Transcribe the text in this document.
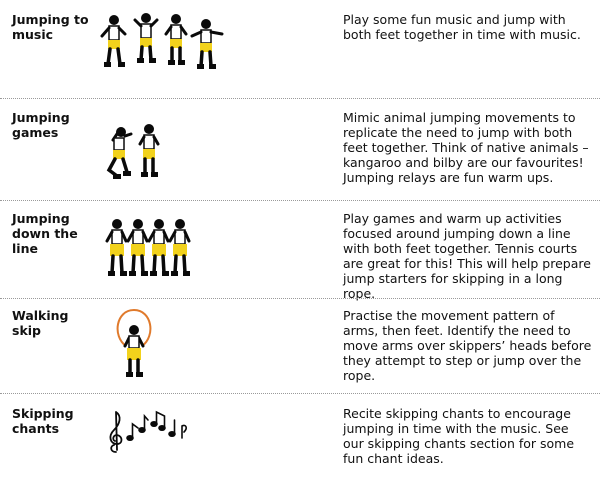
Jumping to music
Play some fun music and jump with both feet together in time with music.
Jumping games
Mimic animal jumping movements to replicate the need to jump with both feet together. Think of native animals – kangaroo and bilby are our favourites! Jumping relays are fun warm ups.
Jumping down the line
Play games and warm up activities focused around jumping down a line with both feet together. Tennis courts are great for this! This will help prepare jump starters for skipping in a long rope.
Walking skip
Practise the movement pattern of arms, then feet. Identify the need to move arms over skippers’ heads before they attempt to step or jump over the rope.
Skipping chants
Recite skipping chants to encourage jumping in time with the music. See our skipping chants section for some fun chant ideas.
